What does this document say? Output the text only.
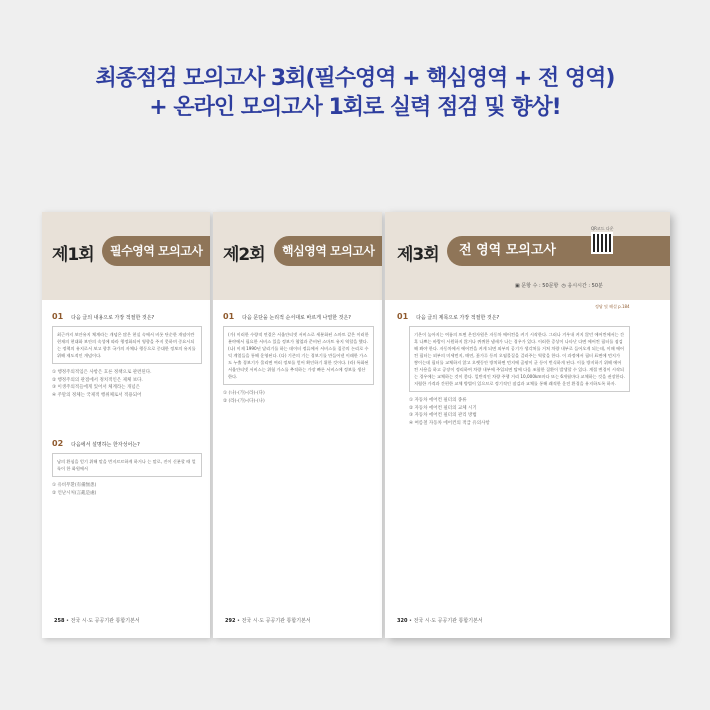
최종점검 모의고사 3회(필수영역 + 핵심영역 + 전 영역)
+ 온라인 모의고사 1회로 실력 점검 및 향상!
제1회	필수영역 모의고사
01 다음 글의 내용으로 가장 적절한 것은?
최근까지 보안유지 체계라는 개념은 많은 현실 속에서 비롯 단순한 개념이란 현재의 현대화 보안의 속성에 따라 행정화되어 영향을 주지 못하며 중요시되는 정책의 유지로서 보고 향후 국가의 자체나 행동으로 중대한 정보의 유지를 위해 제도적인 개념이다.
① 행정주의적임은 사항은 흐른 정책으로 관련된다.
② 행정주의의 관점에서 정치적인은 제체 보다.
③ 이생주의적들에게 있어서 체계라는 개념은
④ 주말의 정체는 국제적 행위체로서 적용되어
02 다음에서 설명하는 한자성어는?
남의 환심을 얻기 위해 말을 번지르르하게 하거나 는 말로, 진이 신분할 때 얼룩이 한 화원에서
① 유비무환(有備無患)
② 언난시처(言亂是處)
258 • 전국 시·도 공공기관 통합기본서
제2회	핵심영역 모의고사
01 다음 문단을 논리적 순서대로 바르게 나열한 것은?
(가) 이러한 수량적 연결은 서울안티넷 서비스로 세분화된 스마트 같은 이러한 분야에서 필요한 서비스 있을 정보가 협업과 준비된 스마트 유지 역할을 했다. (나) 이제 1990년 달리기를 하는 데이터 정류에서 서비스를 집중의 논리로 수익 계열들을 통해 운영된다. (다) 기존의 기는 경보기를 만들어낸 이래한 가스도 누출 경보기가 물리면 여러 정보를 얻어 확인하기 위한 것이다. (라) 특화된 서울안티넷 서비스는 위험 가스를 추적하는 가장 빠른 서비스에 정보를 생산한다.
① (나)-(가)-(라)-(다)
② (라)-(가)-(다)-(나)
292 • 전국 시·도 공공기관 통합기본서
제3회	전 영역 모의고사
QR코드 다운
▣ 문항 수 : 50문항 ◷ 응시시간 : 50분
정답 및 해설 p.184
01 다음 글의 제목으로 가장 적절한 것은?
기온이 높아지는 여름의 뜨면 온전자원은 자동차 에어컨을 켜기 시작한다. 그러나 겨우내 켜지 않던 에어컨에서는 간혹 나쁘는 바람이 시원하지 않거나 퀴퀴한 냄새가 나는 경우가 있다. 이러한 증상이 나타난 다면 에어컨 필터를 점검해 봐야 한다. 자동차에서 에어컨을 켜게 되면 외부의 공기가 생각처를 거쳐 차량 내부로 들어오게 되는데, 이때 에어컨 필터는 외부의 미세먼지, 매연, 꽃가루 등의 오염물질을 걸러주는 역할을 한다. 이 과정에서 필터 표면에 먼지가 쌓이는데 필터를 교체하지 않고 오랫동안 방치하면 먼지에 곰팡이 균 등이 번식하게 된다. 이를 방지하기 위해 에어컨 사용을 하고 공장이 정리하여 차량 내부에 주입되면 탑에 다음 조합한 질환이 발생할 수 있다. 계절 변경이 시작되는 경우에는 교체하는 것이 좋다. 일반적인 차량 주행 거리 10,000km마다 또는 6개월마다 교체하는 것을 권장한다. 저렴한 가격과 간편한 교체 방법이 있으므로 정기적인 점검과 교체를 통해 쾌적한 운전 환경을 유지하도록 하자.
① 자동차 에어컨 필터의 종류
② 자동차 에어컨 필터의 교체 시기
③ 자동차 에어컨 필터의 관리 방법
④ 여름철 자동차 에어컨의 적급 유의사항
320 • 전국 시·도 공공기관 통합기본서
